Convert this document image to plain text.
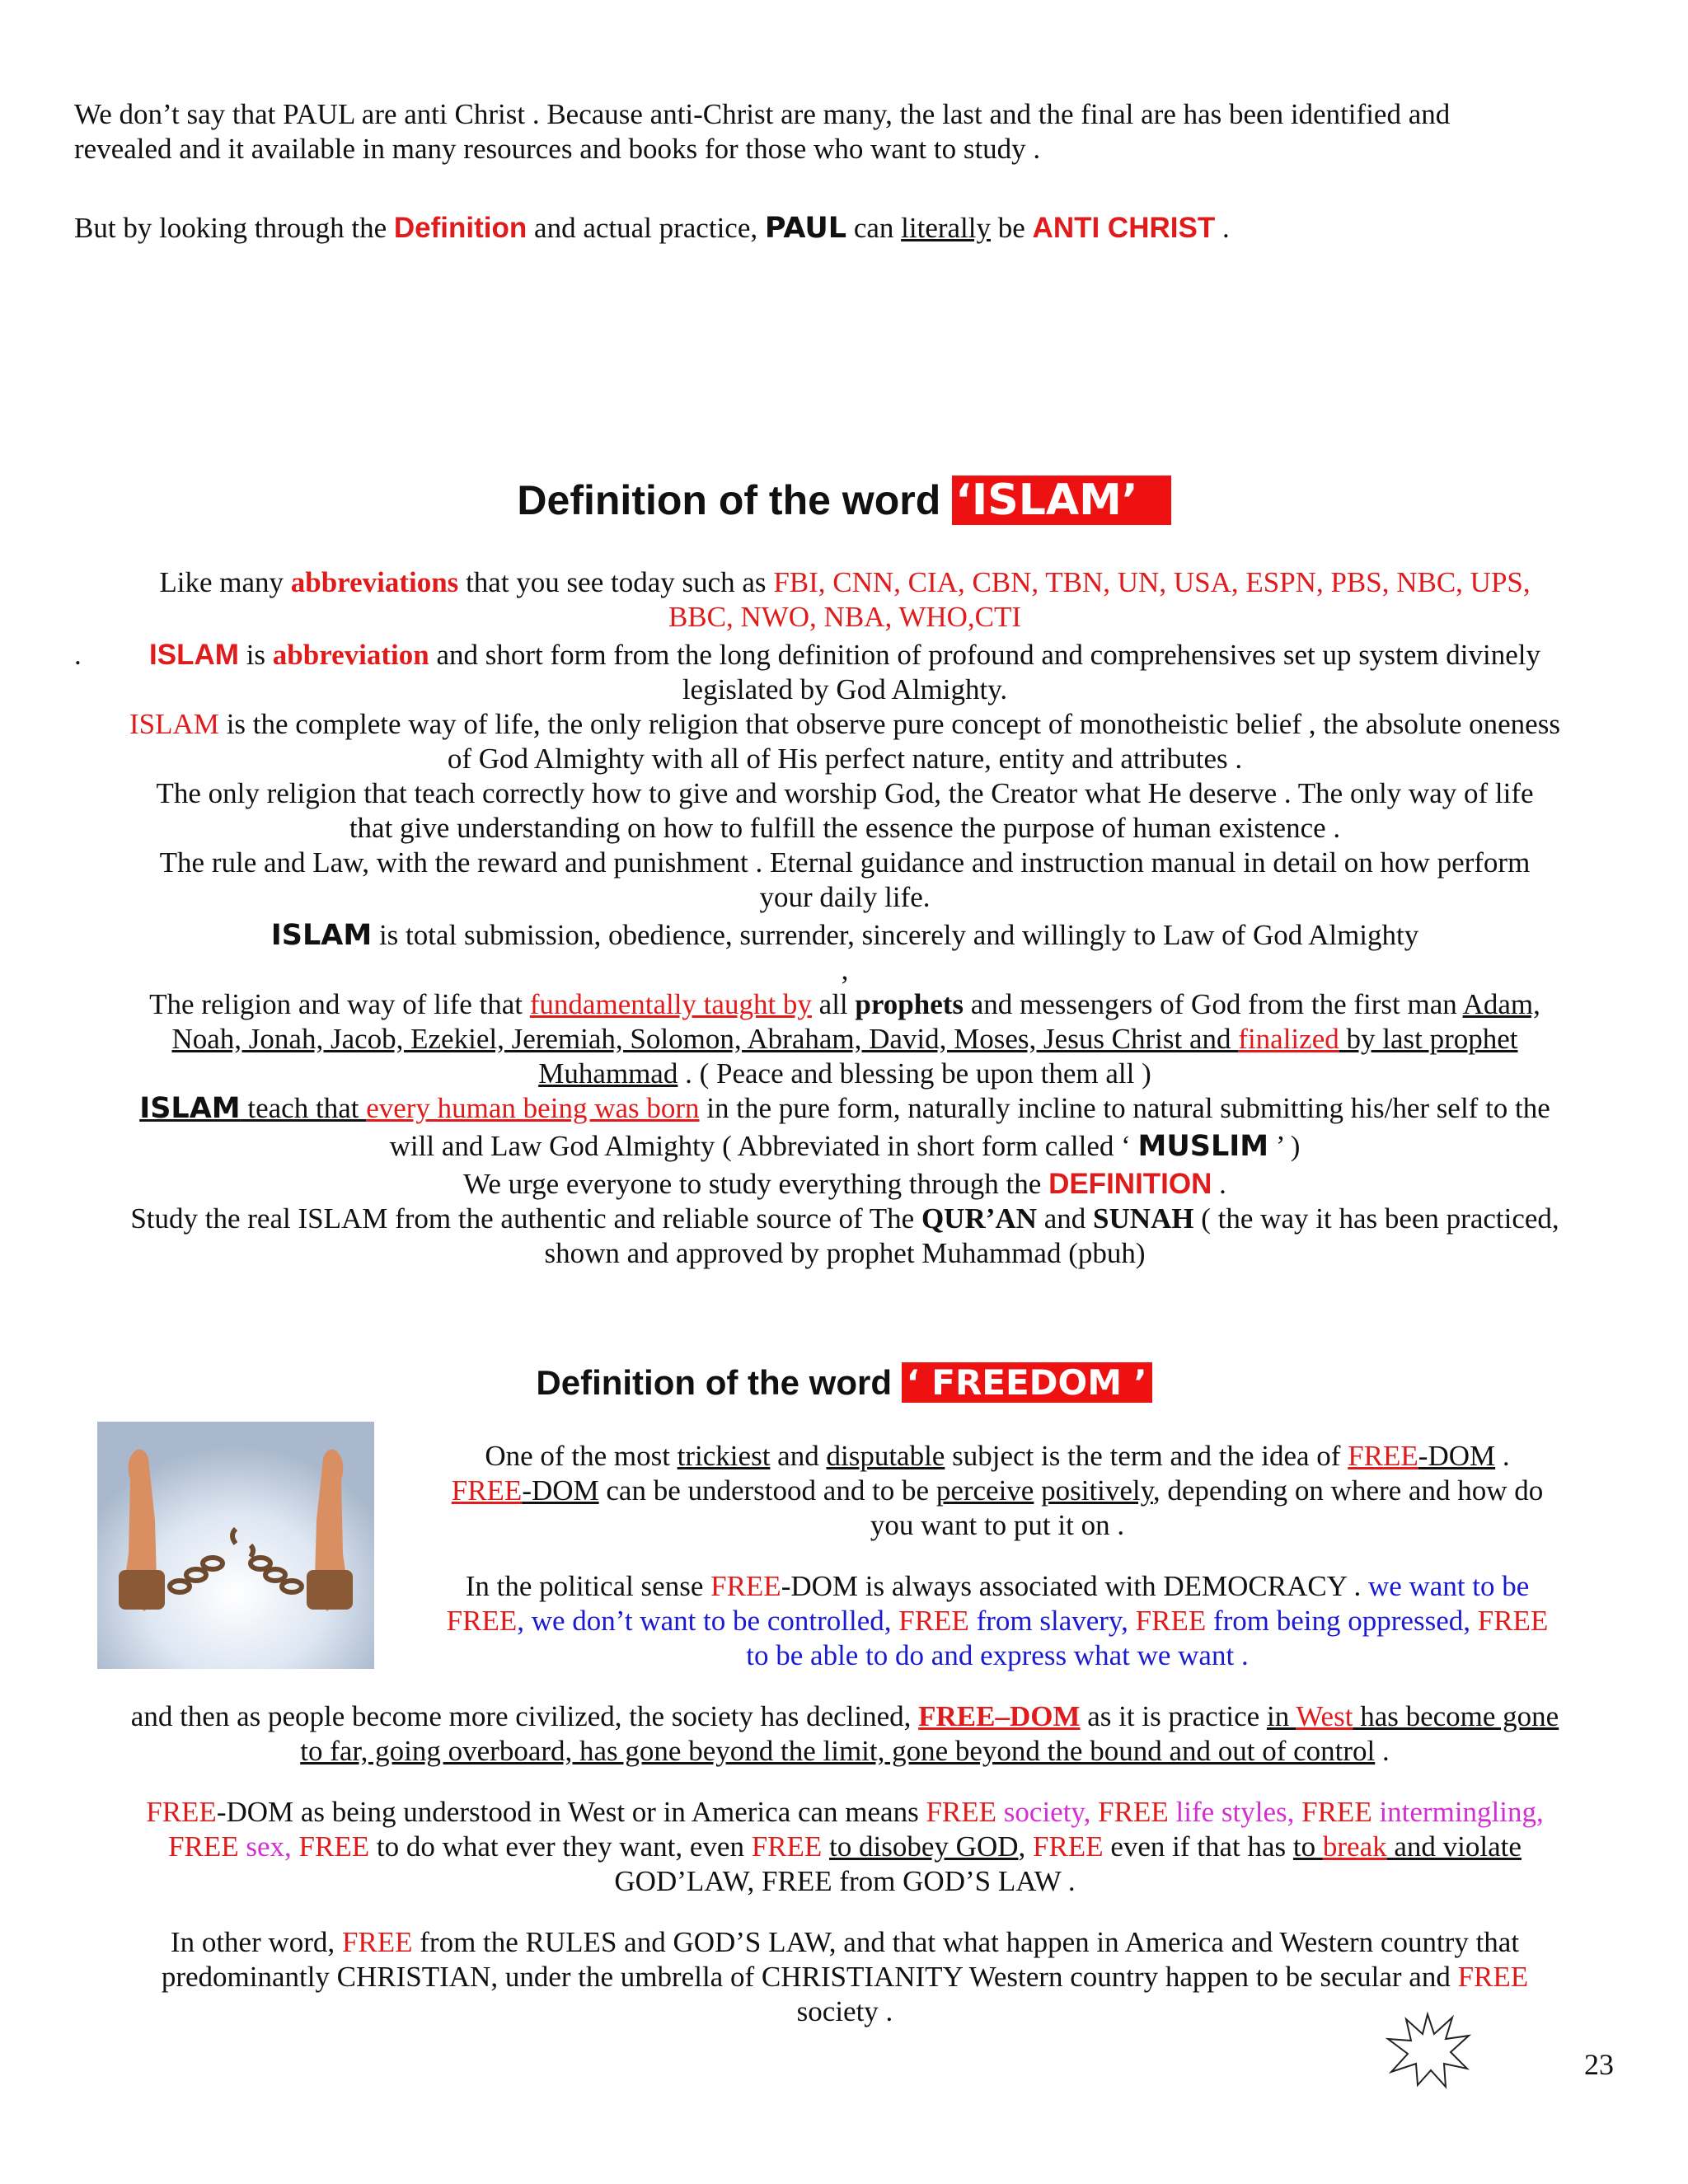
We don’t say that PAUL are anti Christ . Because anti-Christ are many, the last and the final are has been identified and
revealed and it available in many resources and books for those who want to study .
But by looking through the Definition and actual practice, PAUL can literally be ANTI CHRIST .
Definition of the word ‘ISLAM’
Like many abbreviations that you see today such as FBI, CNN, CIA, CBN, TBN, UN, USA, ESPN, PBS, NBC, UPS,
BBC, NWO, NBA, WHO,CTI
. ISLAM is abbreviation and short form from the long definition of profound and comprehensives set up system divinely
legislated by God Almighty.
ISLAM is the complete way of life, the only religion that observe pure concept of monotheistic belief , the absolute oneness
of God Almighty with all of His perfect nature, entity and attributes .
The only religion that teach correctly how to give and worship God, the Creator what He deserve . The only way of life
that give understanding on how to fulfill the essence the purpose of human existence .
The rule and Law, with the reward and punishment . Eternal guidance and instruction manual in detail on how perform
your daily life.
ISLAM is total submission, obedience, surrender, sincerely and willingly to Law of God Almighty
,
The religion and way of life that fundamentally taught by all prophets and messengers of God from the first man Adam,
Noah, Jonah, Jacob, Ezekiel, Jeremiah, Solomon, Abraham, David, Moses, Jesus Christ and finalized by last prophet
Muhammad . ( Peace and blessing be upon them all )
ISLAM teach that every human being was born in the pure form, naturally incline to natural submitting his/her self to the
will and Law God Almighty ( Abbreviated in short form called ‘ MUSLIM ’ )
We urge everyone to study everything through the DEFINITION .
Study the real ISLAM from the authentic and reliable source of The QUR’AN and SUNAH ( the way it has been practiced,
shown and approved by prophet Muhammad (pbuh)
Definition of the word ‘ FREEDOM ’
One of the most trickiest and disputable subject is the term and the idea of FREE-DOM .
FREE-DOM can be understood and to be perceive positively, depending on where and how do
you want to put it on .
In the political sense FREE-DOM is always associated with DEMOCRACY . we want to be
FREE, we don’t want to be controlled, FREE from slavery, FREE from being oppressed, FREE
to be able to do and express what we want .
and then as people become more civilized, the society has declined, FREE–DOM as it is practice in West has become gone
to far, going overboard, has gone beyond the limit, gone beyond the bound and out of control .
FREE-DOM as being understood in West or in America can means FREE society, FREE life styles, FREE intermingling,
FREE sex, FREE to do what ever they want, even FREE to disobey GOD, FREE even if that has to break and violate
GOD’LAW, FREE from GOD’S LAW .
In other word, FREE from the RULES and GOD’S LAW, and that what happen in America and Western country that
predominantly CHRISTIAN, under the umbrella of CHRISTIANITY Western country happen to be secular and FREE
society .
23
